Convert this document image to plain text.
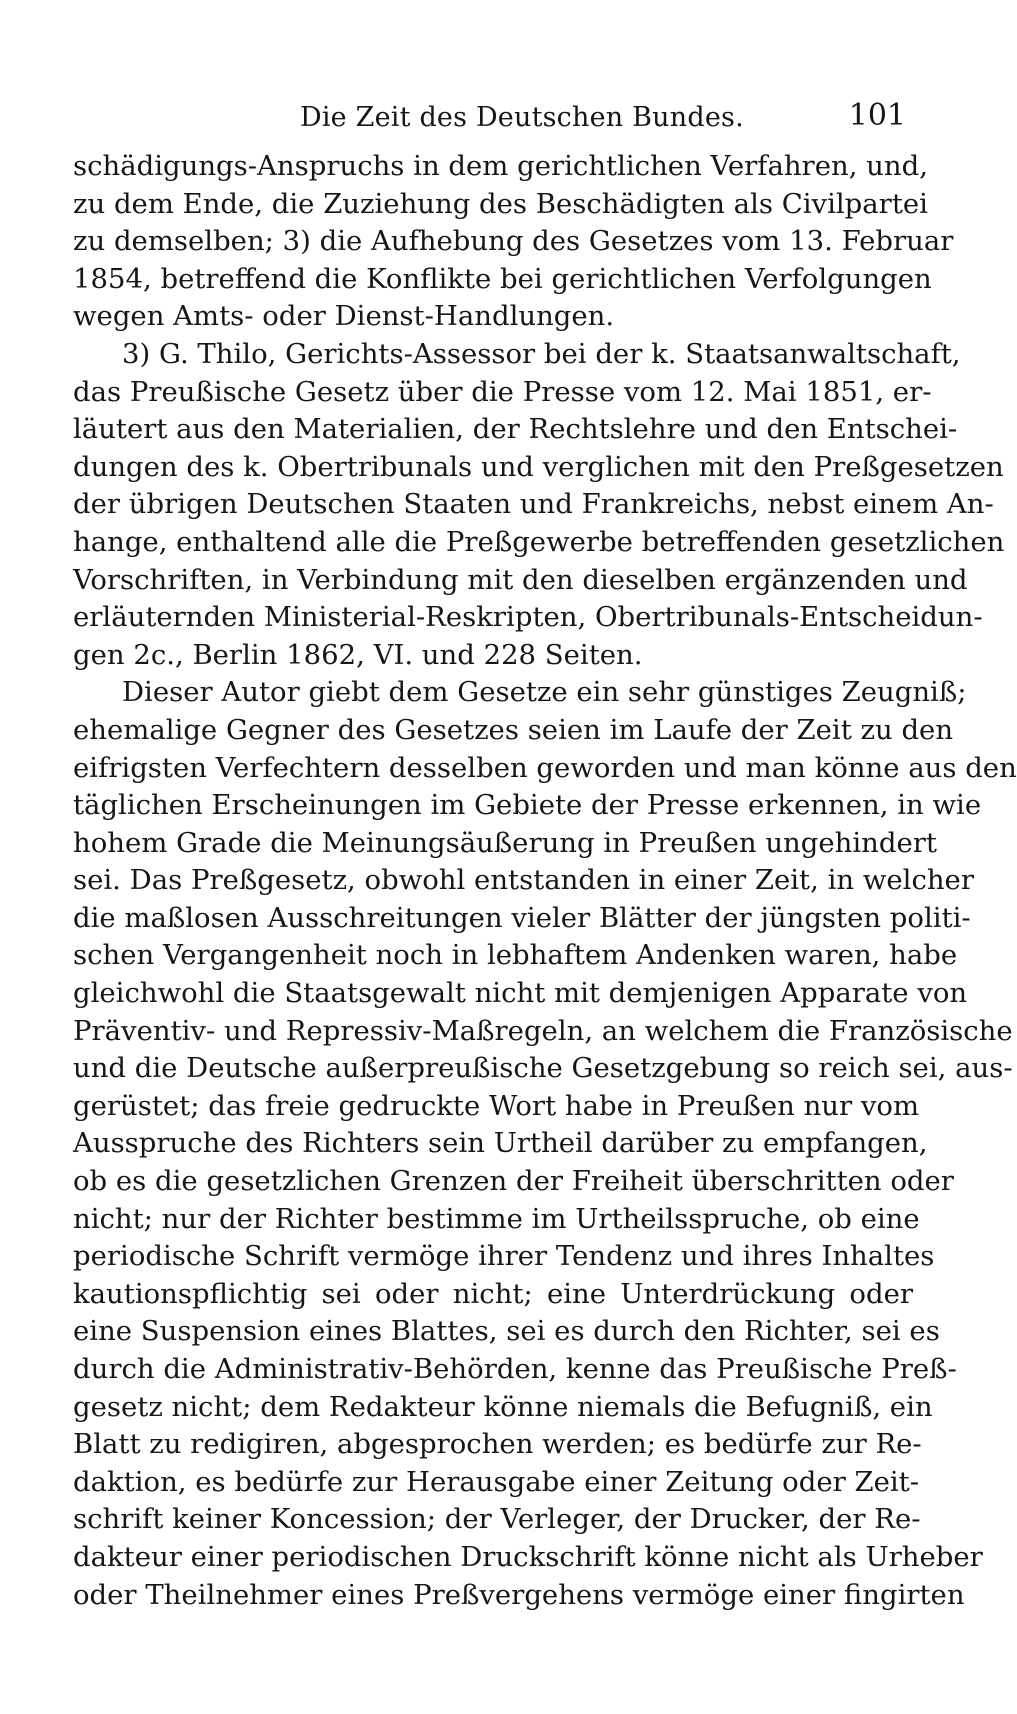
Die Zeit des Deutschen Bundes.	101
schädigungs-Anspruchs in dem gerichtlichen Verfahren, und,
zu dem Ende, die Zuziehung des Beschädigten als Civilpartei
zu demselben; 3) die Aufhebung des Gesetzes vom 13. Februar
1854, betreffend die Konflikte bei gerichtlichen Verfolgungen
wegen Amts- oder Dienst-Handlungen.
3) G. Thilo, Gerichts-Assessor bei der k. Staatsanwaltschaft,
das Preußische Gesetz über die Presse vom 12. Mai 1851, er-
läutert aus den Materialien, der Rechtslehre und den Entschei-
dungen des k. Obertribunals und verglichen mit den Preßgesetzen
der übrigen Deutschen Staaten und Frankreichs, nebst einem An-
hange, enthaltend alle die Preßgewerbe betreffenden gesetzlichen
Vorschriften, in Verbindung mit den dieselben ergänzenden und
erläuternden Ministerial-Reskripten, Obertribunals-Entscheidun-
gen 2c., Berlin 1862, VI. und 228 Seiten.
Dieser Autor giebt dem Gesetze ein sehr günstiges Zeugniß;
ehemalige Gegner des Gesetzes seien im Laufe der Zeit zu den
eifrigsten Verfechtern desselben geworden und man könne aus den
täglichen Erscheinungen im Gebiete der Presse erkennen, in wie
hohem Grade die Meinungsäußerung in Preußen ungehindert
sei. Das Preßgesetz, obwohl entstanden in einer Zeit, in welcher
die maßlosen Ausschreitungen vieler Blätter der jüngsten politi-
schen Vergangenheit noch in lebhaftem Andenken waren, habe
gleichwohl die Staatsgewalt nicht mit demjenigen Apparate von
Präventiv- und Repressiv-Maßregeln, an welchem die Französische
und die Deutsche außerpreußische Gesetzgebung so reich sei, aus-
gerüstet; das freie gedruckte Wort habe in Preußen nur vom
Ausspruche des Richters sein Urtheil darüber zu empfangen,
ob es die gesetzlichen Grenzen der Freiheit überschritten oder
nicht; nur der Richter bestimme im Urtheilsspruche, ob eine
periodische Schrift vermöge ihrer Tendenz und ihres Inhaltes
kautionspflichtig sei oder nicht; eine Unterdrückung oder
eine Suspension eines Blattes, sei es durch den Richter, sei es
durch die Administrativ-Behörden, kenne das Preußische Preß-
gesetz nicht; dem Redakteur könne niemals die Befugniß, ein
Blatt zu redigiren, abgesprochen werden; es bedürfe zur Re-
daktion, es bedürfe zur Herausgabe einer Zeitung oder Zeit-
schrift keiner Koncession; der Verleger, der Drucker, der Re-
dakteur einer periodischen Druckschrift könne nicht als Urheber
oder Theilnehmer eines Preßvergehens vermöge einer fingirten
